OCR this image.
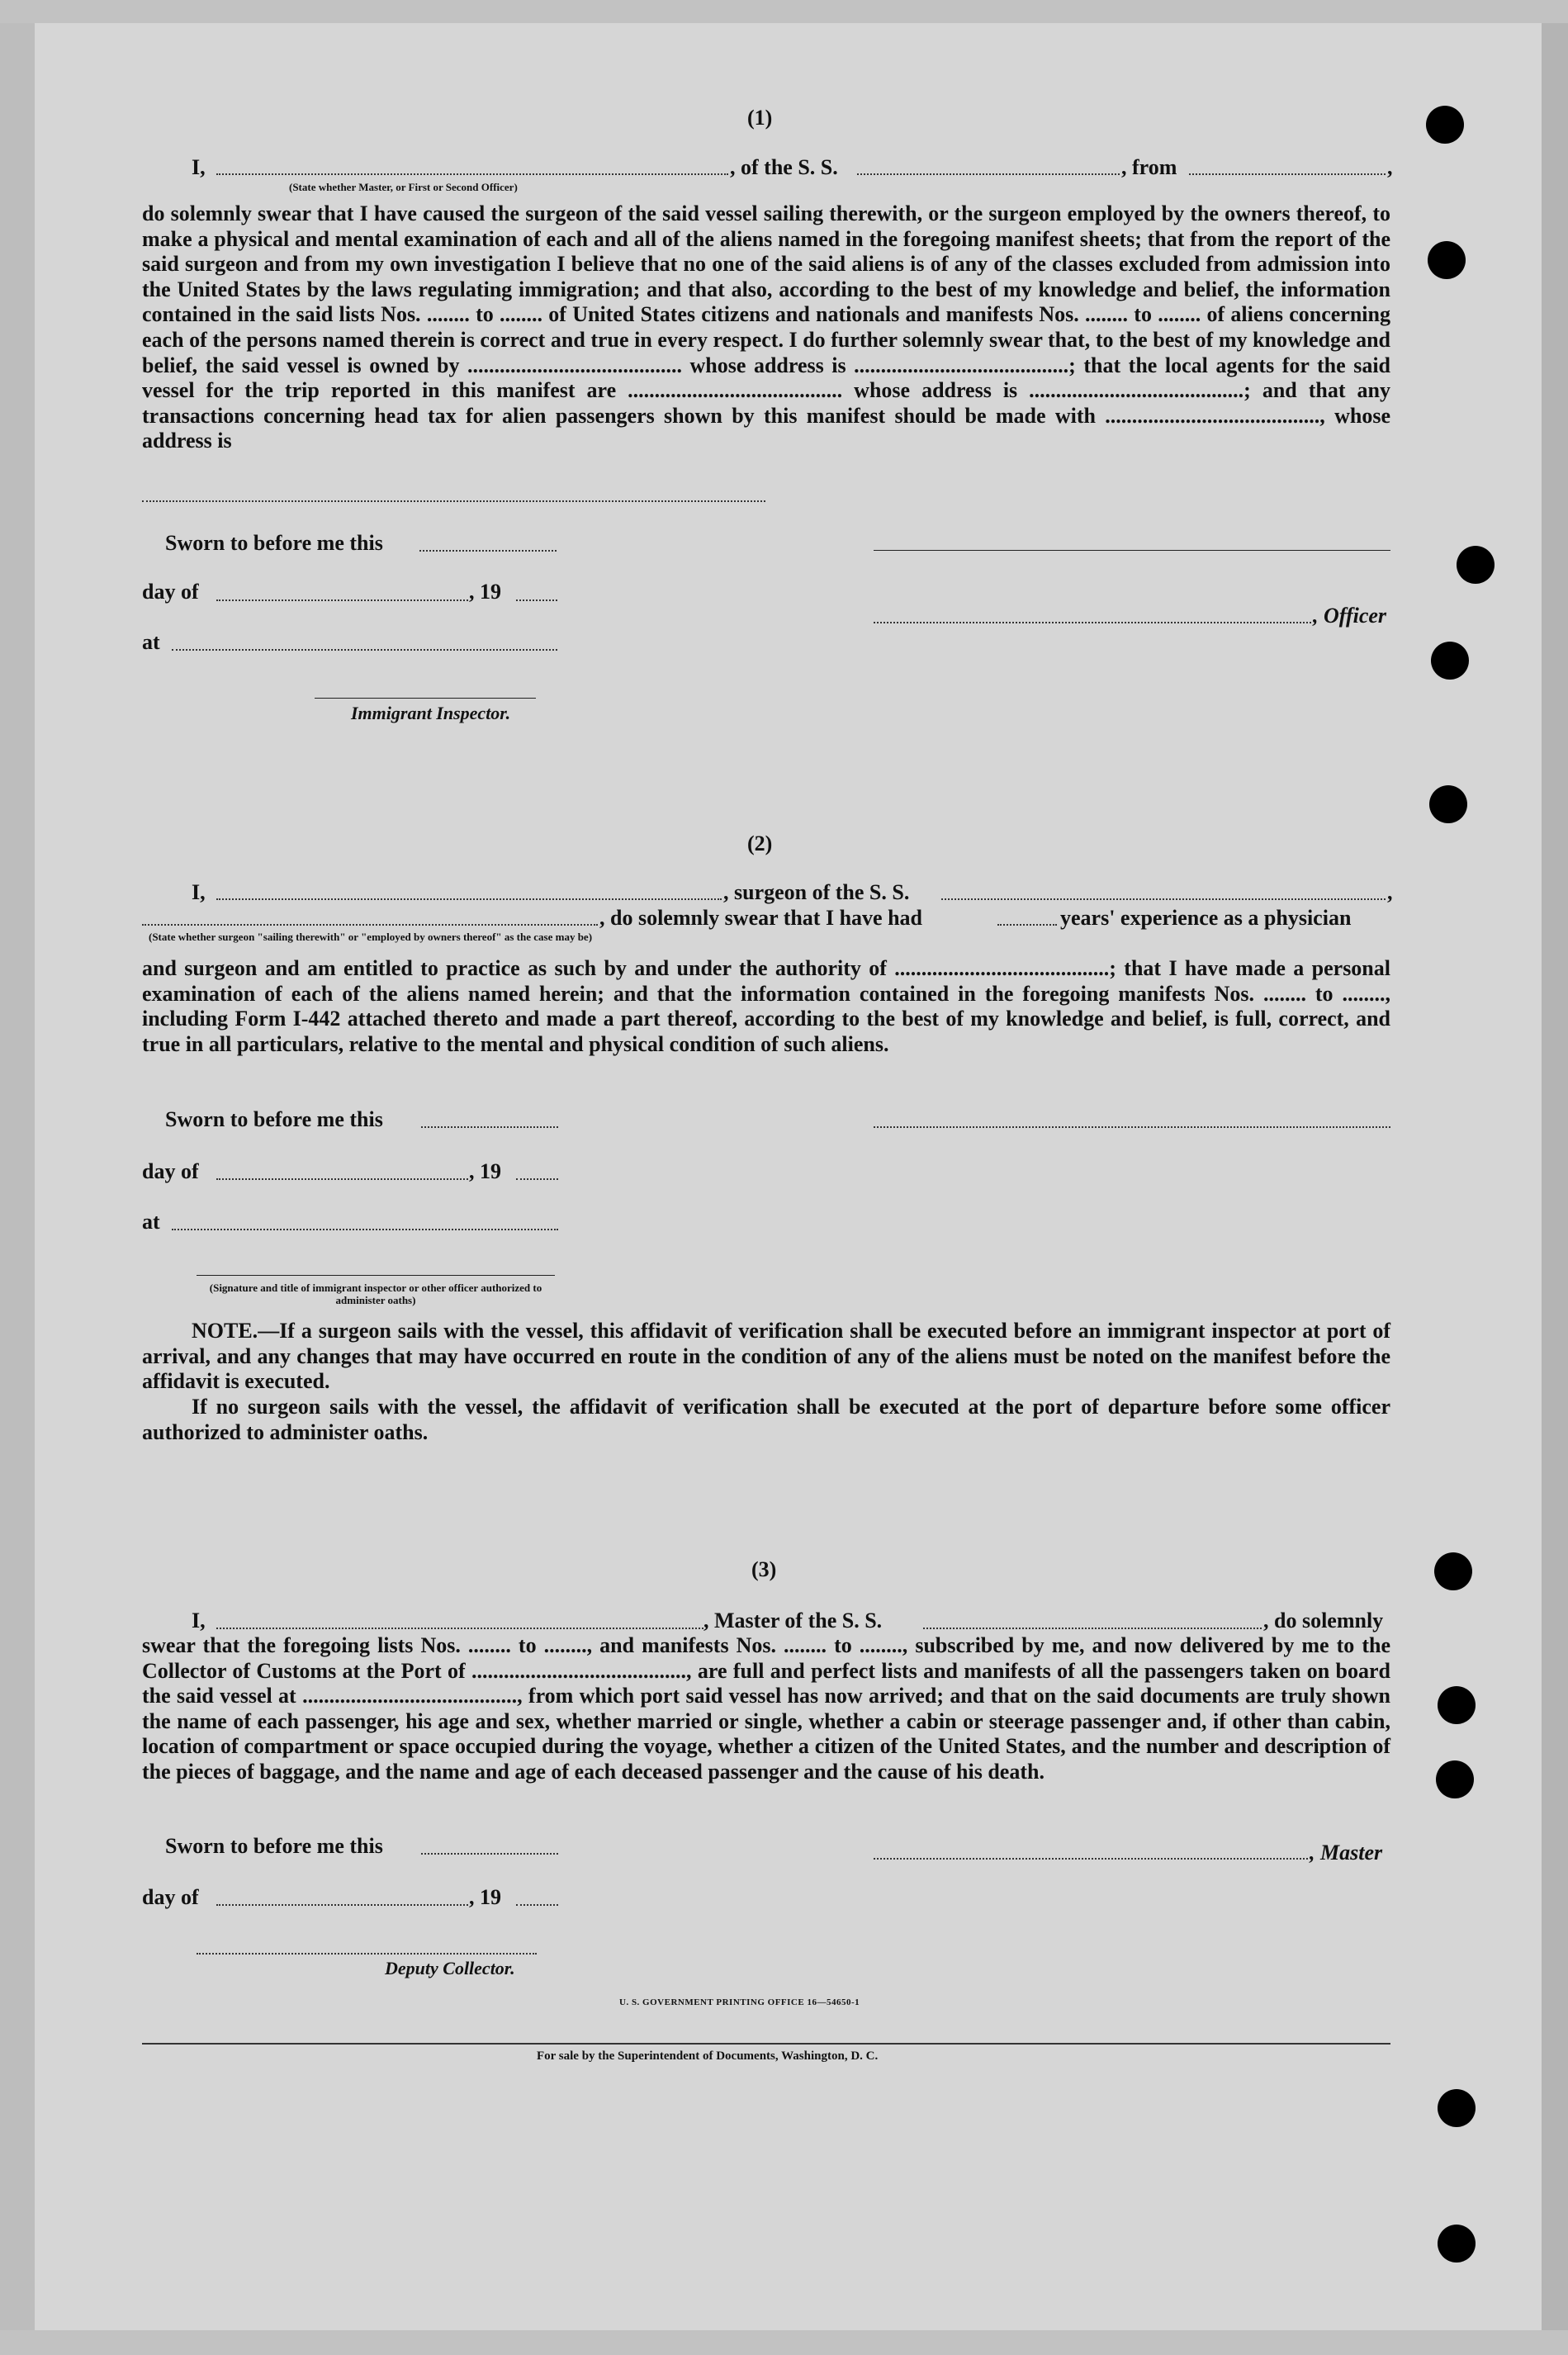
(1)
I,	, of the S. S.	, from	,
(State whether Master, or First or Second Officer)
do solemnly swear that I have caused the surgeon of the said vessel sailing therewith, or the surgeon employed by the owners thereof, to make a physical and mental examination of each and all of the aliens named in the foregoing manifest sheets; that from the report of the said surgeon and from my own investigation I believe that no one of the said aliens is of any of the classes excluded from admission into the United States by the laws regulating immigration; and that also, according to the best of my knowledge and belief, the information contained in the said lists Nos. ........ to ........ of United States citizens and nationals and manifests Nos. ........ to ........ of aliens concerning each of the persons named therein is correct and true in every respect. I do further solemnly swear that, to the best of my knowledge and belief, the said vessel is owned by ........................................ whose address is ........................................; that the local agents for the said vessel for the trip reported in this manifest are ........................................ whose address is ........................................; and that any transactions concerning head tax for alien passengers shown by this manifest should be made with ........................................, whose address is
Sworn to before me this
day of	, 19
, Officer
at
Immigrant Inspector.
(2)
I,	, surgeon of the S. S.	,
, do solemnly swear that I have had	years' experience as a physician
(State whether surgeon "sailing therewith" or "employed by owners thereof" as the case may be)
and surgeon and am entitled to practice as such by and under the authority of ........................................; that I have made a personal examination of each of the aliens named herein; and that the information contained in the foregoing manifests Nos. ........ to ........, including Form I-442 attached thereto and made a part thereof, according to the best of my knowledge and belief, is full, correct, and true in all particulars, relative to the mental and physical condition of such aliens.
Sworn to before me this
day of	, 19
at
(Signature and title of immigrant inspector or other officer authorized to administer oaths)
NOTE.—If a surgeon sails with the vessel, this affidavit of verification shall be executed before an immigrant inspector at port of arrival, and any changes that may have occurred en route in the condition of any of the aliens must be noted on the manifest before the affidavit is executed.
If no surgeon sails with the vessel, the affidavit of verification shall be executed at the port of departure before some officer authorized to administer oaths.
(3)
I,	, Master of the S. S.	, do solemnly
swear that the foregoing lists Nos. ........ to ........, and manifests Nos. ........ to ........, subscribed by me, and now delivered by me to the Collector of Customs at the Port of ........................................, are full and perfect lists and manifests of all the passengers taken on board the said vessel at ........................................, from which port said vessel has now arrived; and that on the said documents are truly shown the name of each passenger, his age and sex, whether married or single, whether a cabin or steerage passenger and, if other than cabin, location of compartment or space occupied during the voyage, whether a citizen of the United States, and the number and description of the pieces of baggage, and the name and age of each deceased passenger and the cause of his death.
Sworn to before me this	, Master
day of	, 19
Deputy Collector.
U. S. GOVERNMENT PRINTING OFFICE 16—54650-1
For sale by the Superintendent of Documents, Washington, D. C.
